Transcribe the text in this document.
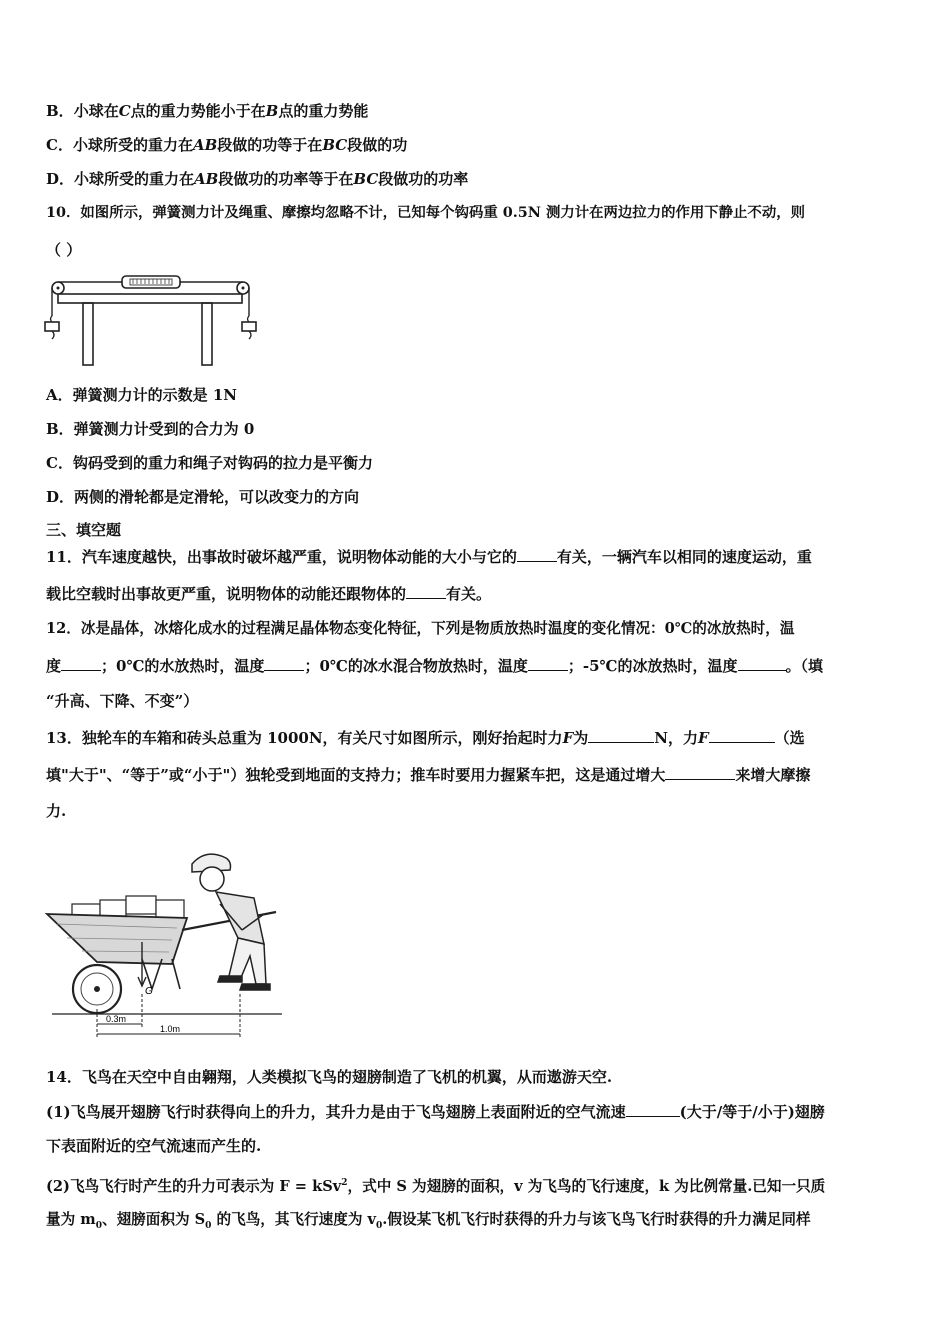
B．小球在C点的重力势能小于在B点的重力势能
C．小球所受的重力在AB段做的功等于在BC段做的功
D．小球所受的重力在AB段做功的功率等于在BC段做功的功率
10．如图所示，弹簧测力计及绳重、摩擦均忽略不计，已知每个钩码重 0.5N 测力计在两边拉力的作用下静止不动，则
（ ）
A．弹簧测力计的示数是 1N
B．弹簧测力计受到的合力为 0
C．钩码受到的重力和绳子对钩码的拉力是平衡力
D．两侧的滑轮都是定滑轮，可以改变力的方向
三、填空题
11．汽车速度越快，出事故时破坏越严重，说明物体动能的大小与它的	有关，一辆汽车以相同的速度运动，重
载比空载时出事故更严重，说明物体的动能还跟物体的	有关。
12．冰是晶体，冰熔化成水的过程满足晶体物态变化特征，下列是物质放热时温度的变化情况：0℃的冰放热时，温
度	；0℃的水放热时，温度	；0℃的冰水混合物放热时，温度	；-5℃的冰放热时，温度	。（填
“升高、下降、不变”）
13．独轮车的车箱和砖头总重为 1000N，有关尺寸如图所示，刚好抬起时力F为	N，力F	（选
填"大于"、“等于”或“小于"）独轮受到地面的支持力；推车时要用力握紧车把，这是通过增大	来增大摩擦
力.
G
0.3m
1.0m
14．飞鸟在天空中自由翱翔，人类模拟飞鸟的翅膀制造了飞机的机翼，从而遨游天空.
(1)飞鸟展开翅膀飞行时获得向上的升力，其升力是由于飞鸟翅膀上表面附近的空气流速	(大于/等于/小于)翅膀
下表面附近的空气流速而产生的.
(2)飞鸟飞行时产生的升力可表示为 F = kSv$^2$，式中 S 为翅膀的面积，v 为飞鸟的飞行速度，k 为比例常量.已知一只质
量为 $m_0$、翅膀面积为 $S_0$ 的飞鸟，其飞行速度为 $v_0$.假设某飞机飞行时获得的升力与该飞鸟飞行时获得的升力满足同样
